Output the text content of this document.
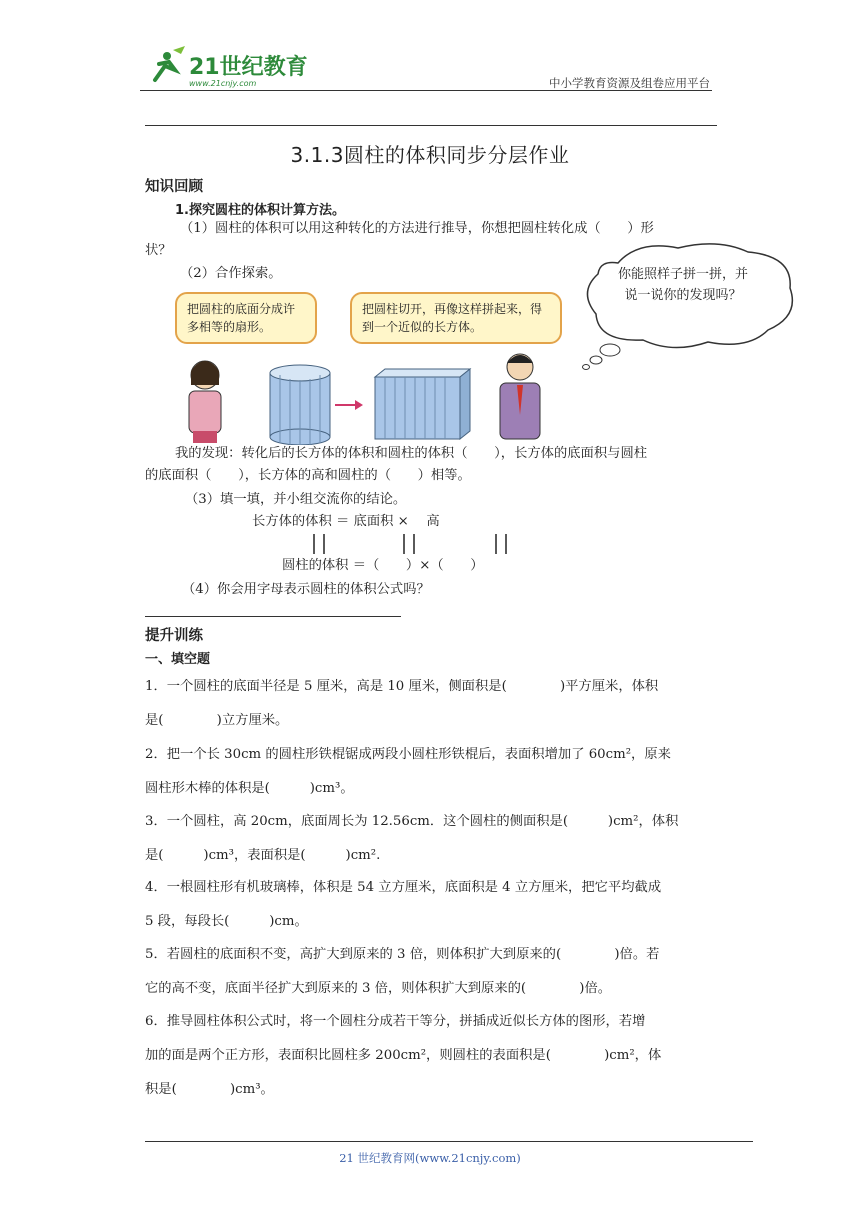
21世纪教育
www.21cnjy.com	中小学教育资源及组卷应用平台
3.1.3圆柱的体积同步分层作业
知识回顾
1.探究圆柱的体积计算方法。
（1）圆柱的体积可以用这种转化的方法进行推导，你想把圆柱转化成（　　）形
状？
（2）合作探索。
把圆柱的底面分成许多相等的扇形。
把圆柱切开，再像这样拼起来，得到一个近似的长方体。
你能照样子拼一拼，并说一说你的发现吗？
我的发现：转化后的长方体的体积和圆柱的体积（　　），长方体的底面积与圆柱
的底面积（　　），长方体的高和圆柱的（　　）相等。
（3）填一填，并小组交流你的结论。
长方体的体积 ＝ 底面积 × 　高
圆柱的体积 ＝（　　）×（　　）
（4）你会用字母表示圆柱的体积公式吗？
提升训练
一、填空题
1．一个圆柱的底面半径是 5 厘米，高是 10 厘米，侧面积是(　　　　)平方厘米，体积
是(　　　　)立方厘米。
2．把一个长 30cm 的圆柱形铁棍锯成两段小圆柱形铁棍后，表面积增加了 60cm²，原来
圆柱形木棒的体积是(　　　)cm³。
3．一个圆柱，高 20cm，底面周长为 12.56cm．这个圆柱的侧面积是(　　　)cm²，体积
是(　　　)cm³，表面积是(　　　)cm².
4．一根圆柱形有机玻璃棒，体积是 54 立方厘米，底面积是 4 立方厘米，把它平均截成
5 段，每段长(　　　)cm。
5．若圆柱的底面积不变，高扩大到原来的 3 倍，则体积扩大到原来的(　　　　)倍。若
它的高不变，底面半径扩大到原来的 3 倍，则体积扩大到原来的(　　　　)倍。
6．推导圆柱体积公式时，将一个圆柱分成若干等分，拼插成近似长方体的图形，若增
加的面是两个正方形，表面积比圆柱多 200cm²，则圆柱的表面积是(　　　　)cm²，体
积是(　　　　)cm³。
21 世纪教育网(www.21cnjy.com)
